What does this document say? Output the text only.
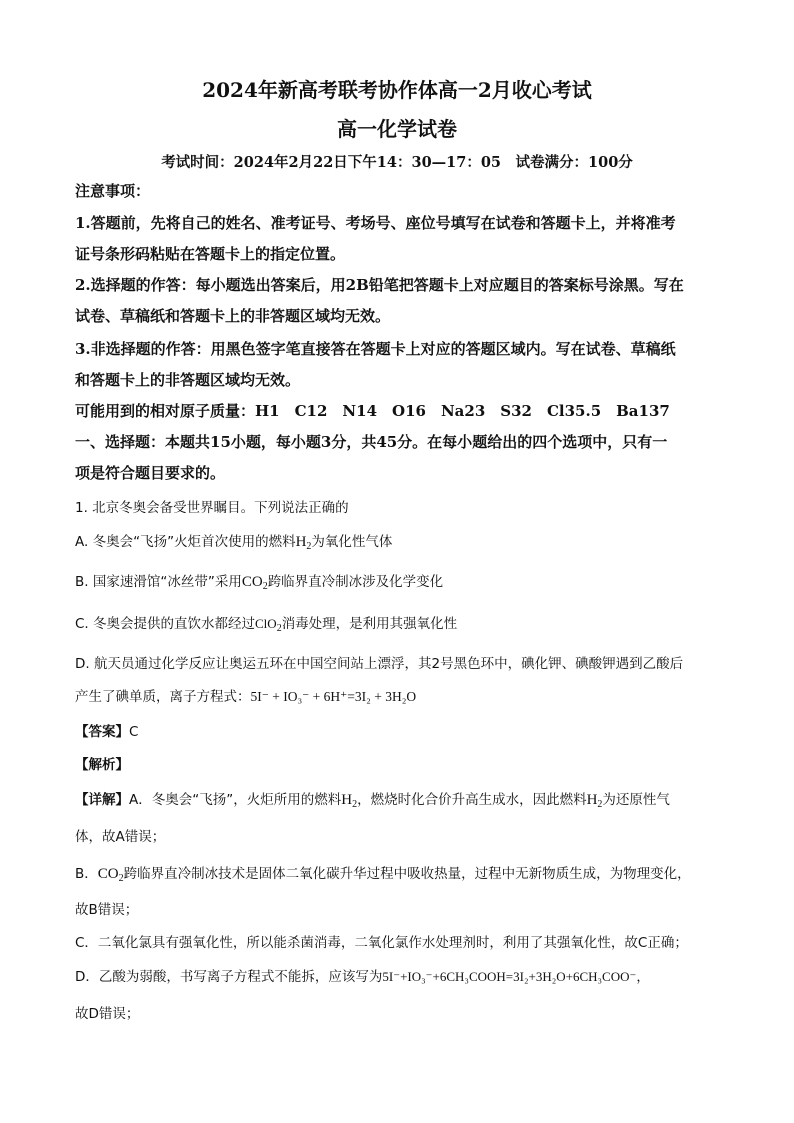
2024年新高考联考协作体高一2月收心考试
高一化学试卷
考试时间：2024年2月22日下午14：30—17：05　试卷满分：100分
注意事项：
1.答题前，先将自己的姓名、准考证号、考场号、座位号填写在试卷和答题卡上，并将准考
证号条形码粘贴在答题卡上的指定位置。
2.选择题的作答：每小题选出答案后，用2B铅笔把答题卡上对应题目的答案标号涂黑。写在
试卷、草稿纸和答题卡上的非答题区域均无效。
3.非选择题的作答：用黑色签字笔直接答在答题卡上对应的答题区域内。写在试卷、草稿纸
和答题卡上的非答题区域均无效。
可能用到的相对原子质量：H1　C12　N14　O16　Na23　S32　Cl35.5　Ba137
一、选择题：本题共15小题，每小题3分，共45分。在每小题给出的四个选项中，只有一
项是符合题目要求的。
1. 北京冬奥会备受世界瞩目。下列说法正确的
A. 冬奥会“飞扬”火炬首次使用的燃料$H_2$为氧化性气体
B. 国家速滑馆“冰丝带”采用$CO_2$跨临界直冷制冰涉及化学变化
C. 冬奥会提供的直饮水都经过ClO$_2$消毒处理，是利用其强氧化性
D. 航天员通过化学反应让奥运五环在中国空间站上漂浮，其2号黑色环中，碘化钾、碘酸钾遇到乙酸后
产生了碘单质，离子方程式：5I⁻ + IO₃⁻ + 6H⁺=3I₂ + 3H₂O
【答案】C
【解析】
【详解】A．冬奥会“飞扬”，火炬所用的燃料$H_2$，燃烧时化合价升高生成水，因此燃料$H_2$为还原性气
体，故A错误；
B．$CO_2$跨临界直冷制冰技术是固体二氧化碳升华过程中吸收热量，过程中无新物质生成，为物理变化，
故B错误；
C．二氧化氯具有强氧化性，所以能杀菌消毒，二氧化氯作水处理剂时，利用了其强氧化性，故C正确；
D．乙酸为弱酸，书写离子方程式不能拆，应该写为5I⁻+IO₃⁻+6CH₃COOH=3I₂+3H₂O+6CH₃COO⁻，
故D错误；
